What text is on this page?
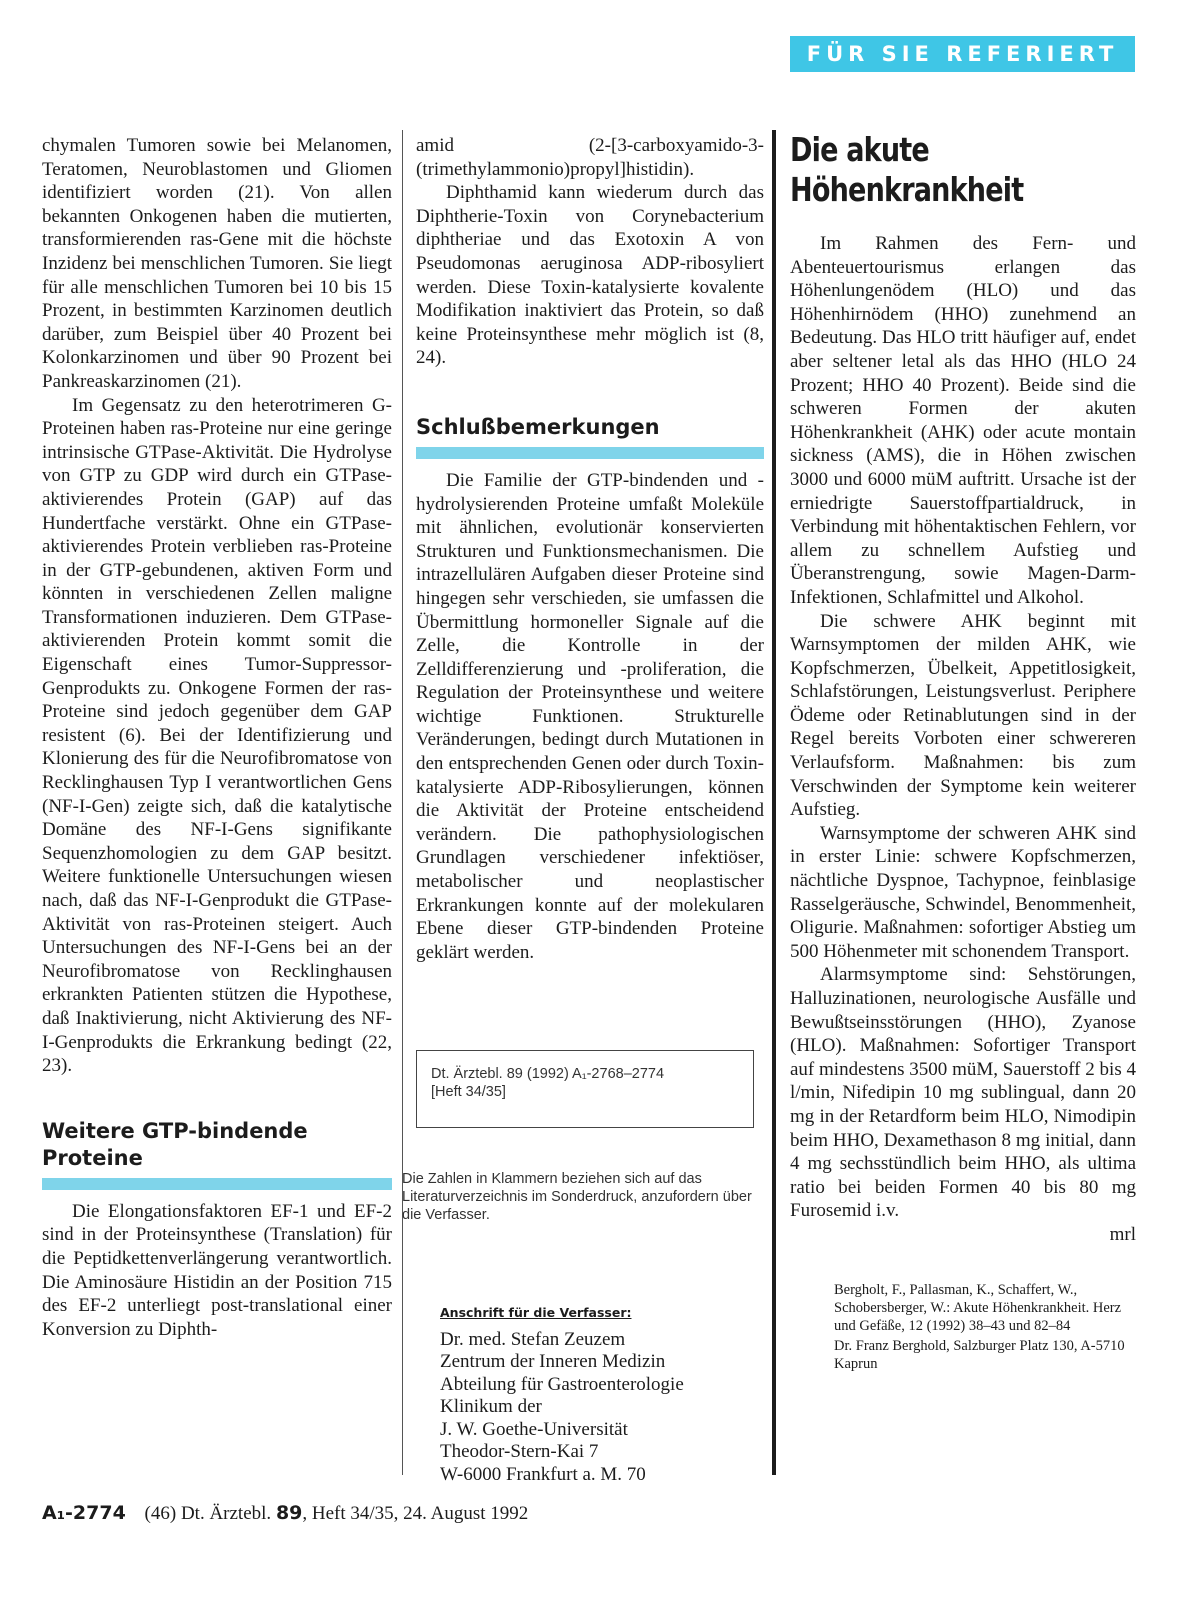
FÜR SIE REFERIERT

chymalen Tumoren sowie bei Melanomen, Teratomen, Neuroblastomen und Gliomen identifiziert worden (21). Von allen bekannten Onkogenen haben die mutierten, transformierenden ras-Gene mit die höchste Inzidenz bei menschlichen Tumoren. Sie liegt für alle menschlichen Tumoren bei 10 bis 15 Prozent, in bestimmten Karzinomen deutlich darüber, zum Beispiel über 40 Prozent bei Kolonkarzinomen und über 90 Prozent bei Pankreaskarzinomen (21).

Im Gegensatz zu den heterotrimeren G-Proteinen haben ras-Proteine nur eine geringe intrinsische GTPase-Aktivität. Die Hydrolyse von GTP zu GDP wird durch ein GTPase-aktivierendes Protein (GAP) auf das Hundertfache verstärkt. Ohne ein GTPase-aktivierendes Protein verblieben ras-Proteine in der GTP-gebundenen, aktiven Form und könnten in verschiedenen Zellen maligne Transformationen induzieren. Dem GTPase-aktivierenden Protein kommt somit die Eigenschaft eines Tumor-Suppressor-Genprodukts zu. Onkogene Formen der ras-Proteine sind jedoch gegenüber dem GAP resistent (6). Bei der Identifizierung und Klonierung des für die Neurofibromatose von Recklinghausen Typ I verantwortlichen Gens (NF-I-Gen) zeigte sich, daß die katalytische Domäne des NF-I-Gens signifikante Sequenzhomologien zu dem GAP besitzt. Weitere funktionelle Untersuchungen wiesen nach, daß das NF-I-Genprodukt die GTPase-Aktivität von ras-Proteinen steigert. Auch Untersuchungen des NF-I-Gens bei an der Neurofibromatose von Recklinghausen erkrankten Patienten stützen die Hypothese, daß Inaktivierung, nicht Aktivierung des NF-I-Genprodukts die Erkrankung bedingt (22, 23).

Weitere GTP-bindende Proteine

Die Elongationsfaktoren EF-1 und EF-2 sind in der Proteinsynthese (Translation) für die Peptidkettenverlängerung verantwortlich. Die Aminosäure Histidin an der Position 715 des EF-2 unterliegt post-translational einer Konversion zu Diphth-

amid (2-[3-carboxyamido-3-(trimethylammonio)propyl]histidin).

Diphthamid kann wiederum durch das Diphtherie-Toxin von Corynebacterium diphtheriae und das Exotoxin A von Pseudomonas aeruginosa ADP-ribosyliert werden. Diese Toxin-katalysierte kovalente Modifikation inaktiviert das Protein, so daß keine Proteinsynthese mehr möglich ist (8, 24).

Schlußbemerkungen

Die Familie der GTP-bindenden und -hydrolysierenden Proteine umfaßt Moleküle mit ähnlichen, evolutionär konservierten Strukturen und Funktionsmechanismen. Die intrazellulären Aufgaben dieser Proteine sind hingegen sehr verschieden, sie umfassen die Übermittlung hormoneller Signale auf die Zelle, die Kontrolle in der Zelldifferenzierung und -proliferation, die Regulation der Proteinsynthese und weitere wichtige Funktionen. Strukturelle Veränderungen, bedingt durch Mutationen in den entsprechenden Genen oder durch Toxin-katalysierte ADP-Ribosylierungen, können die Aktivität der Proteine entscheidend verändern. Die pathophysiologischen Grundlagen verschiedener infektiöser, metabolischer und neoplastischer Erkrankungen konnte auf der molekularen Ebene dieser GTP-bindenden Proteine geklärt werden.

Dt. Ärztebl. 89 (1992) A₁-2768–2774
[Heft 34/35]
Die Zahlen in Klammern beziehen sich auf das Literaturverzeichnis im Sonderdruck, anzufordern über die Verfasser.
Anschrift für die Verfasser:
Dr. med. Stefan Zeuzem
Zentrum der Inneren Medizin
Abteilung für Gastroenterologie
Klinikum der
J. W. Goethe-Universität
Theodor-Stern-Kai 7
W-6000 Frankfurt a. M. 70
Die akute
Höhenkrankheit

Im Rahmen des Fern- und Abenteuertourismus erlangen das Höhenlungenödem (HLO) und das Höhenhirnödem (HHO) zunehmend an Bedeutung. Das HLO tritt häufiger auf, endet aber seltener letal als das HHO (HLO 24 Prozent; HHO 40 Prozent). Beide sind die schweren Formen der akuten Höhenkrankheit (AHK) oder acute montain sickness (AMS), die in Höhen zwischen 3000 und 6000 müM auftritt. Ursache ist der erniedrigte Sauerstoffpartialdruck, in Verbindung mit höhentaktischen Fehlern, vor allem zu schnellem Aufstieg und Überanstrengung, sowie Magen-Darm-Infektionen, Schlafmittel und Alkohol.

Die schwere AHK beginnt mit Warnsymptomen der milden AHK, wie Kopfschmerzen, Übelkeit, Appetitlosigkeit, Schlafstörungen, Leistungsverlust. Periphere Ödeme oder Retinablutungen sind in der Regel bereits Vorboten einer schwereren Verlaufsform. Maßnahmen: bis zum Verschwinden der Symptome kein weiterer Aufstieg.

Warnsymptome der schweren AHK sind in erster Linie: schwere Kopfschmerzen, nächtliche Dyspnoe, Tachypnoe, feinblasige Rasselgeräusche, Schwindel, Benommenheit, Oligurie. Maßnahmen: sofortiger Abstieg um 500 Höhenmeter mit schonendem Transport.

Alarmsymptome sind: Sehstörungen, Halluzinationen, neurologische Ausfälle und Bewußtseinsstörungen (HHO), Zyanose (HLO). Maßnahmen: Sofortiger Transport auf mindestens 3500 müM, Sauerstoff 2 bis 4 l/min, Nifedipin 10 mg sublingual, dann 20 mg in der Retardform beim HLO, Nimodipin beim HHO, Dexamethason 8 mg initial, dann 4 mg sechsstündlich beim HHO, als ultima ratio bei beiden Formen 40 bis 80 mg Furosemid i.v.

mrl
Bergholt, F., Pallasman, K., Schaffert, W., Schobersberger, W.: Akute Höhenkrankheit. Herz und Gefäße, 12 (1992) 38–43 und 82–84
Dr. Franz Berghold, Salzburger Platz 130, A-5710 Kaprun
A₁-2774 (46) Dt. Ärztebl. 89, Heft 34/35, 24. August 1992
